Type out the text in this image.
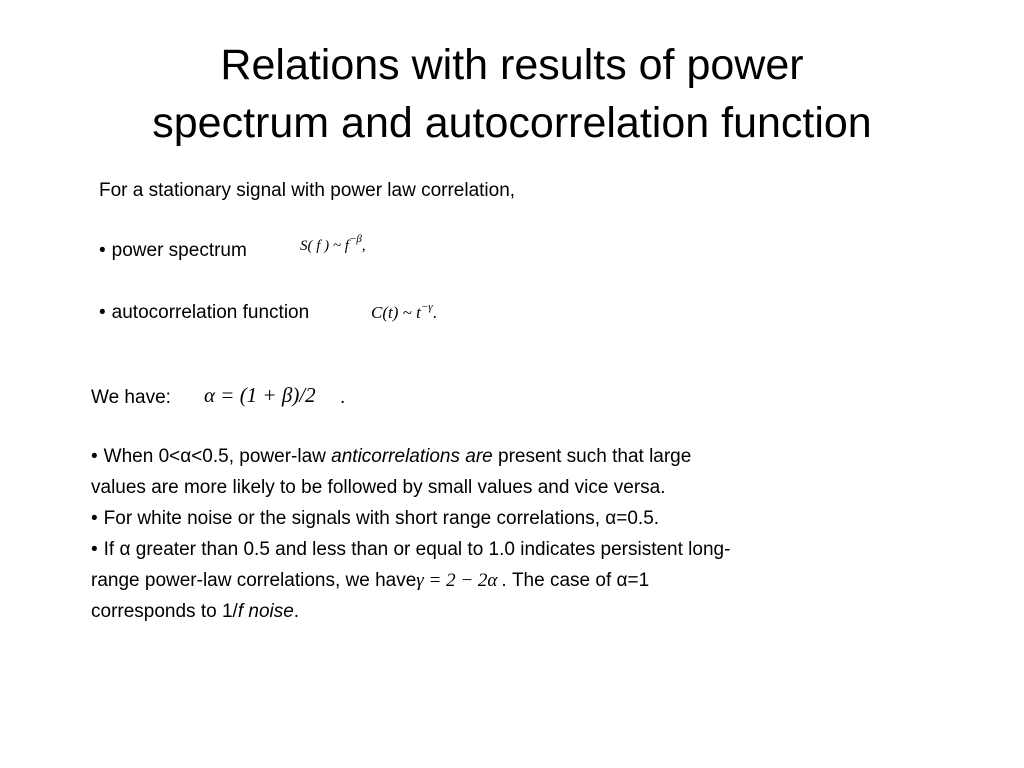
Relations with results of power
spectrum and autocorrelation function
For a stationary signal with power law correlation,
• power spectrum	S( f ) ~ $f^{-\beta}$,
• autocorrelation function	C(t) ~ $t^{-\gamma}$.
We have: α = (1 + β)/2 .
• When 0<α<0.5, power-law anticorrelations are present such that large
values are more likely to be followed by small values and vice versa.
• For white noise or the signals with short range correlations, α=0.5.
• If α greater than 0.5 and less than or equal to 1.0 indicates persistent long-
range power-law correlations, we haveγ = 2 − 2α . The case of α=1
corresponds to 1/f noise.
